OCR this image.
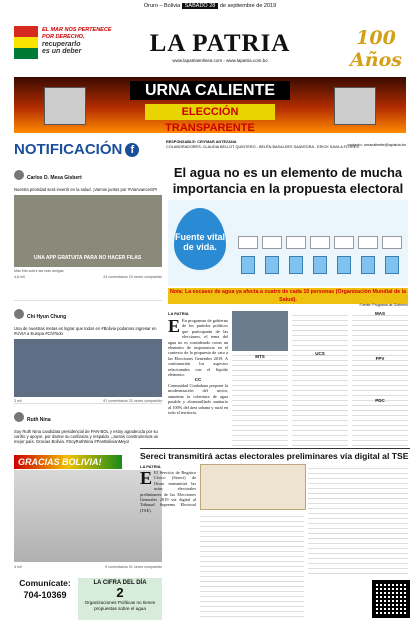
Oruro – Bolivia SÁBADO 28 de septiembre de 2019
EL MAR NOS PERTENECE
POR DERECHO,
recuperarlo
es un deber	LA PATRIA
www.lapatriaenlinea.com - www.lapatria.com.bo
100 Años
URNA CALIENTE
ELECCIÓN TRANSPARENTE
NOTIFICACIÓN f
RESPONSABLE: CEIYMAR ANTEZANA
COLABORADORES: CLAUDIA BELLOT QUINTERO - BELÉN BASALDES SAAVEDRA - ERICK SAVILA FLORES
contacto: urnacaliente@lapatria.bo
Carlos D. Mesa Gisbert
Nuestra prioridad será invertir en la salud. ¡Vamos juntos por #ViaAvanceGP!
UNA APP GRATUITA PARA NO HACER FILAS
Más info sobre las más amigas
4,8 mil	24 comentarios 24 veces compartido
Chi Hyun Chung
Una de nuestras metas es lograr que todos en #Bolivia podamos ingresar en #UVIA a Europa #ChiTodo
3 mil	97 comentarios 32 veces compartido
Ruth Nina
Soy Ruth Nina candidata presidencial de PAN-BOL y estoy agradecida por su cariño y apoyo!, por darme su confianza y respaldo. ¡Juntos construiremos un mejor país. Gracias Bolivia. #SoyRuthNina #PanBolivianMejor
GRACIAS BOLIVIA!
4 mil	9 comentarios 91 veces compartido
Comunícate:
704-10369
LA CIFRA DEL DÍA
2
Organizaciones Políticas no tienen propuestas sobre el agua
El agua no es un elemento de mucha importancia en la propuesta electoral
Fuente vital de vida.
Nota: La escasez de agua ya afecta a cuatro de cada 10 personas (Organización Mundial de la Salud).
Fuente: Programa de Gobierno
LA PATRIA
E En programas de gobierno de los partidos políticos que participarán de las elecciones, el tema del agua no es considerado como un elemento de importancia en el contexto de la propuesta de cara a las Elecciones Generales 2019. A continuación los aspectos relacionados con el líquido elemento.
CC
Comunidad Ciudadana propone la modernización del sector, aumentar la cobertura de agua potable y alcantarillado sanitario al 100% del área urbana y rural en todo el territorio.
MTS
UCS
MAS
FPV
PDC
Sereci transmitirá actas electorales preliminares vía digital al TSE
LA PATRIA
E El Servicio de Registro Cívico (Sereci) de Oruro transmitirá las actas electorales preliminares de las Elecciones Generales 2019 vía digital al Tribunal Supremo Electoral (TSE).
